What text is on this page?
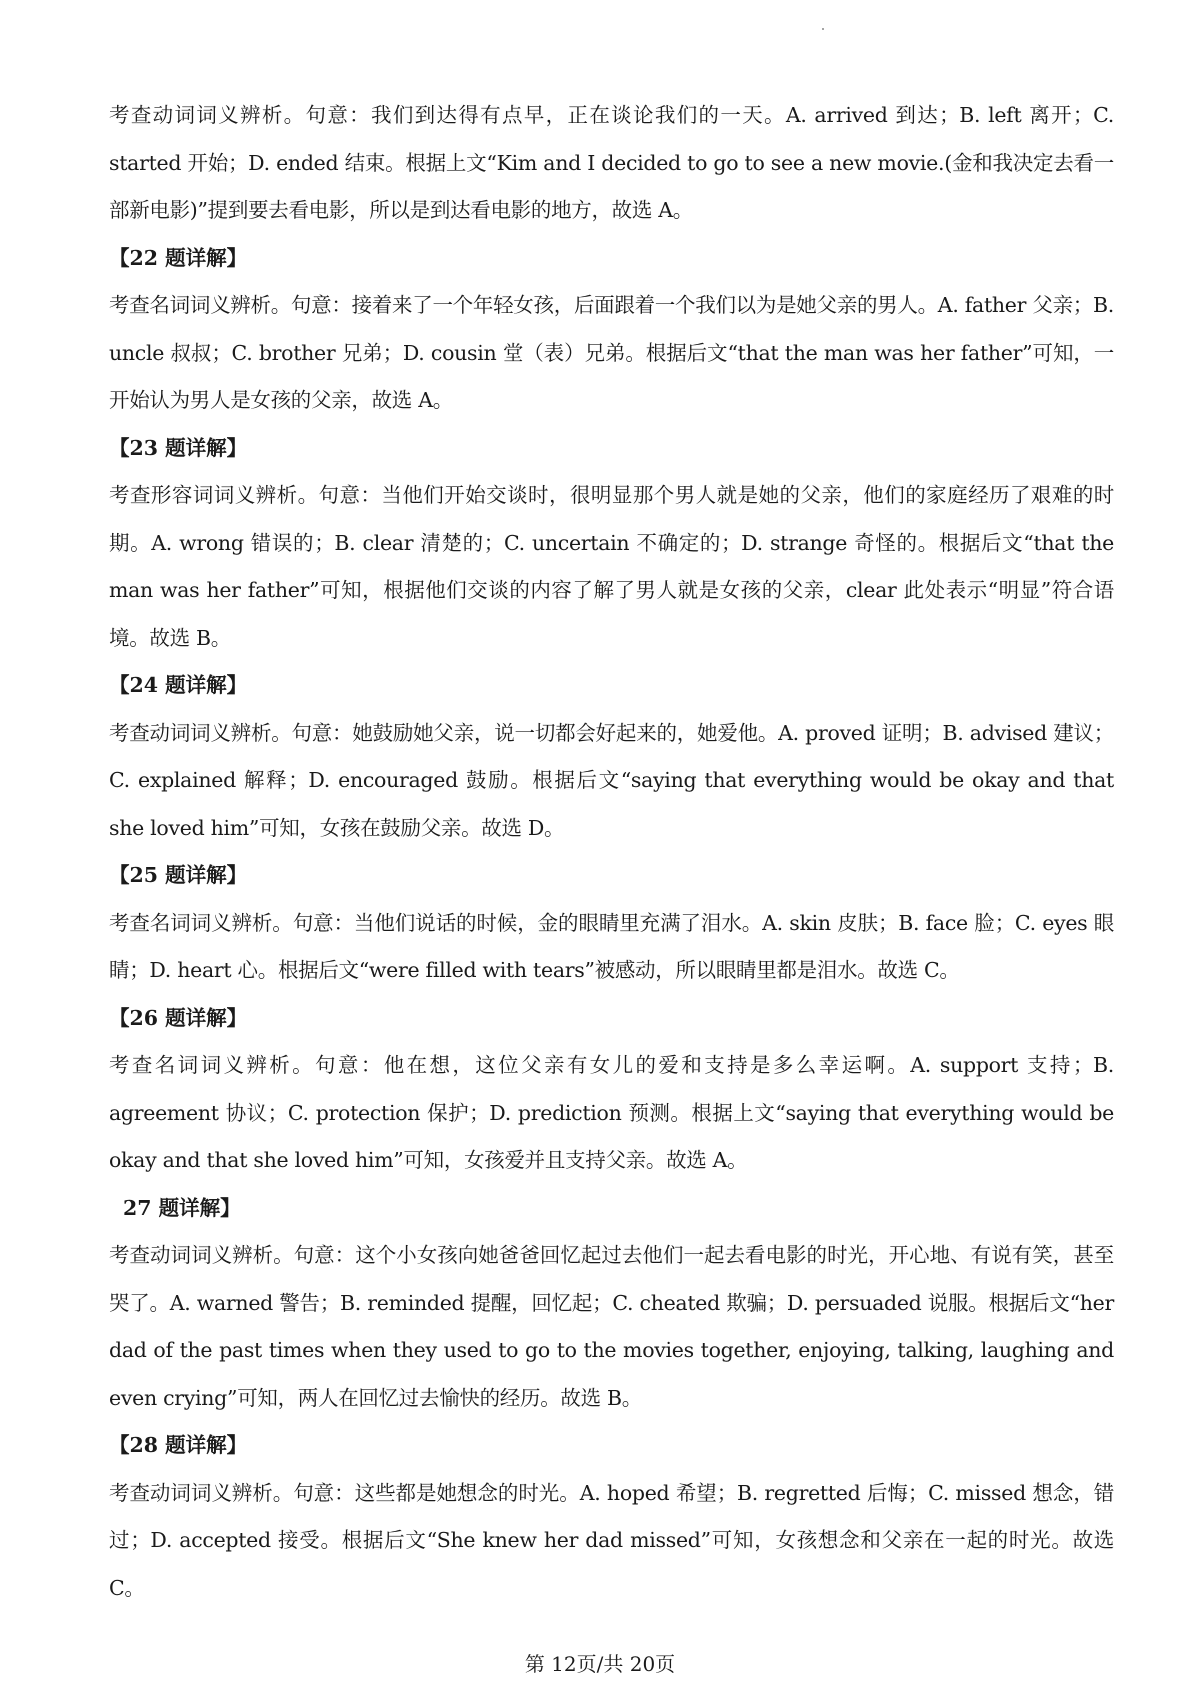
考查动词词义辨析。句意：我们到达得有点早，正在谈论我们的一天。A. arrived 到达；B. left 离开；C. started 开始；D. ended 结束。根据上文“Kim and I decided to go to see a new movie.(金和我决定去看一部新电影)”提到要去看电影，所以是到达看电影的地方，故选 A。

【22 题详解】

考查名词词义辨析。句意：接着来了一个年轻女孩，后面跟着一个我们以为是她父亲的男人。A. father 父亲；B. uncle 叔叔；C. brother 兄弟；D. cousin 堂（表）兄弟。根据后文“that the man was her father”可知，一开始认为男人是女孩的父亲，故选 A。

【23 题详解】

考查形容词词义辨析。句意：当他们开始交谈时，很明显那个男人就是她的父亲，他们的家庭经历了艰难的时期。A. wrong 错误的；B. clear 清楚的；C. uncertain 不确定的；D. strange 奇怪的。根据后文“that the man was her father”可知，根据他们交谈的内容了解了男人就是女孩的父亲，clear 此处表示“明显”符合语境。故选 B。

【24 题详解】

考查动词词义辨析。句意：她鼓励她父亲，说一切都会好起来的，她爱他。A. proved 证明；B. advised 建议；C. explained 解释；D. encouraged 鼓励。根据后文“saying that everything would be okay and that she loved him”可知，女孩在鼓励父亲。故选 D。

【25 题详解】

考查名词词义辨析。句意：当他们说话的时候，金的眼睛里充满了泪水。A. skin 皮肤；B. face 脸；C. eyes 眼睛；D. heart 心。根据后文“were filled with tears”被感动，所以眼睛里都是泪水。故选 C。

【26 题详解】

考查名词词义辨析。句意：他在想，这位父亲有女儿的爱和支持是多么幸运啊。A. support 支持；B. agreement 协议；C. protection 保护；D. prediction 预测。根据上文“saying that everything would be okay and that she loved him”可知，女孩爱并且支持父亲。故选 A。

27 题详解】

考查动词词义辨析。句意：这个小女孩向她爸爸回忆起过去他们一起去看电影的时光，开心地、有说有笑，甚至哭了。A. warned 警告；B. reminded 提醒，回忆起；C. cheated 欺骗；D. persuaded 说服。根据后文“her dad of the past times when they used to go to the movies together, enjoying, talking, laughing and even crying”可知，两人在回忆过去愉快的经历。故选 B。

【28 题详解】

考查动词词义辨析。句意：这些都是她想念的时光。A. hoped 希望；B. regretted 后悔；C. missed 想念，错过；D. accepted 接受。根据后文“She knew her dad missed”可知，女孩想念和父亲在一起的时光。故选 C。

第 12页/共 20页
